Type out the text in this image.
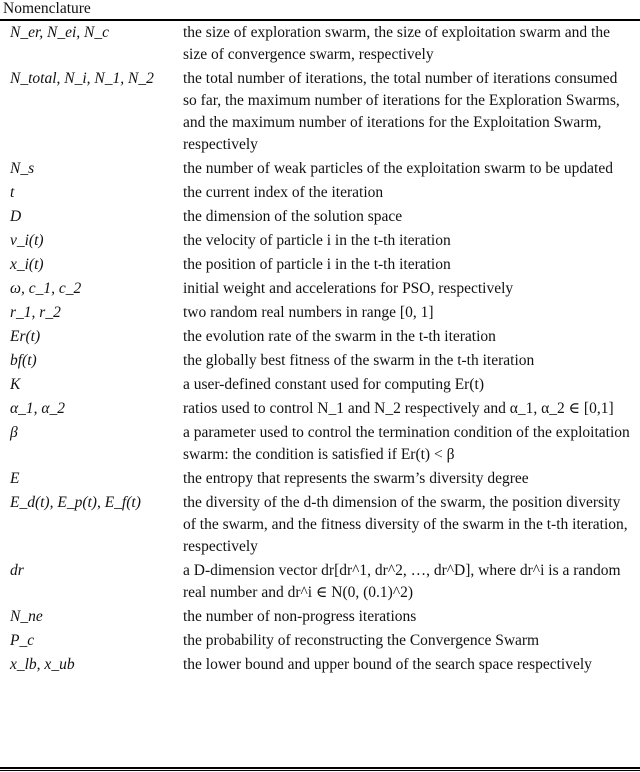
Nomenclature
N_er, N_ei, N_c	the size of exploration swarm, the size of exploitation swarm and the size of convergence swarm, respectively
N_total, N_i, N_1, N_2	the total number of iterations, the total number of iterations consumed so far, the maximum number of iterations for the Exploration Swarms, and the maximum number of iterations for the Exploitation Swarm, respectively
N_s	the number of weak particles of the exploitation swarm to be updated
t	the current index of the iteration
D	the dimension of the solution space
v_i(t)	the velocity of particle i in the t-th iteration
x_i(t)	the position of particle i in the t-th iteration
ω, c_1, c_2	initial weight and accelerations for PSO, respectively
r_1, r_2	two random real numbers in range [0, 1]
Er(t)	the evolution rate of the swarm in the t-th iteration
bf(t)	the globally best fitness of the swarm in the t-th iteration
K	a user-defined constant used for computing Er(t)
α_1, α_2	ratios used to control N_1 and N_2 respectively and α_1, α_2 ∈ [0,1]
β	a parameter used to control the termination condition of the exploitation swarm: the condition is satisfied if Er(t) < β
E	the entropy that represents the swarm’s diversity degree
E_d(t), E_p(t), E_f(t)	the diversity of the d-th dimension of the swarm, the position diversity of the swarm, and the fitness diversity of the swarm in the t-th iteration, respectively
dr	a D-dimension vector dr[dr^1, dr^2, …, dr^D], where dr^i is a random real number and dr^i ∈ N(0, (0.1)^2)
N_ne	the number of non-progress iterations
P_c	the probability of reconstructing the Convergence Swarm
x_lb, x_ub	the lower bound and upper bound of the search space respectively
